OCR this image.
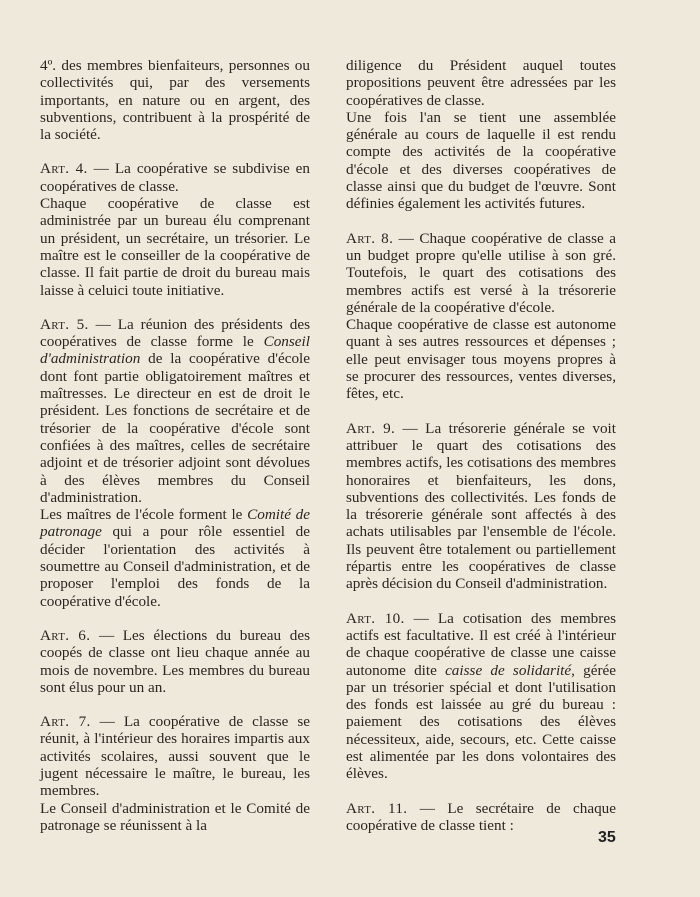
4º. des membres bienfaiteurs, personnes ou collectivités qui, par des versements importants, en nature ou en argent, des subventions, contribuent à la prospérité de la société.

Art. 4. — La coopérative se subdivise en coopératives de classe.

Chaque coopérative de classe est administrée par un bureau élu comprenant un président, un secrétaire, un trésorier. Le maître est le conseiller de la coopérative de classe. Il fait partie de droit du bureau mais laisse à celuici toute initiative.

Art. 5. — La réunion des présidents des coopératives de classe forme le Conseil d'administration de la coopérative d'école dont font partie obligatoirement maîtres et maîtresses. Le directeur en est de droit le président. Les fonctions de secrétaire et de trésorier de la coopérative d'école sont confiées à des maîtres, celles de secrétaire adjoint et de trésorier adjoint sont dévolues à des élèves membres du Conseil d'administration.

Les maîtres de l'école forment le Comité de patronage qui a pour rôle essentiel de décider l'orientation des activités à soumettre au Conseil d'administration, et de proposer l'emploi des fonds de la coopérative d'école.

Art. 6. — Les élections du bureau des coopés de classe ont lieu chaque année au mois de novembre. Les membres du bureau sont élus pour un an.

Art. 7. — La coopérative de classe se réunit, à l'intérieur des horaires impartis aux activités scolaires, aussi souvent que le jugent nécessaire le maître, le bureau, les membres.

Le Conseil d'administration et le Comité de patronage se réunissent à la

diligence du Président auquel toutes propositions peuvent être adressées par les coopératives de classe.

Une fois l'an se tient une assemblée générale au cours de laquelle il est rendu compte des activités de la coopérative d'école et des diverses coopératives de classe ainsi que du budget de l'œuvre. Sont définies également les activités futures.

Art. 8. — Chaque coopérative de classe a un budget propre qu'elle utilise à son gré. Toutefois, le quart des cotisations des membres actifs est versé à la trésorerie générale de la coopérative d'école.

Chaque coopérative de classe est autonome quant à ses autres ressources et dépenses ; elle peut envisager tous moyens propres à se procurer des ressources, ventes diverses, fêtes, etc.

Art. 9. — La trésorerie générale se voit attribuer le quart des cotisations des membres actifs, les cotisations des membres honoraires et bienfaiteurs, les dons, subventions des collectivités. Les fonds de la trésorerie générale sont affectés à des achats utilisables par l'ensemble de l'école. Ils peuvent être totalement ou partiellement répartis entre les coopératives de classe après décision du Conseil d'administration.

Art. 10. — La cotisation des membres actifs est facultative. Il est créé à l'intérieur de chaque coopérative de classe une caisse autonome dite caisse de solidarité, gérée par un trésorier spécial et dont l'utilisation des fonds est laissée au gré du bureau : paiement des cotisations des élèves nécessiteux, aide, secours, etc. Cette caisse est alimentée par les dons volontaires des élèves.

Art. 11. — Le secrétaire de chaque coopérative de classe tient :

35
